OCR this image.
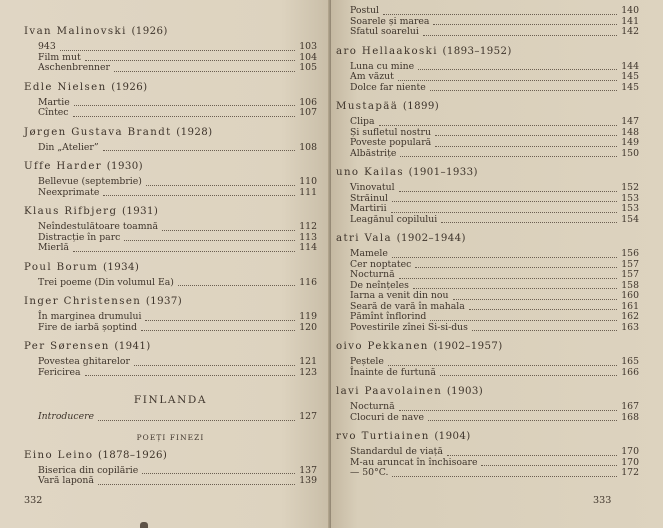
Ivan Malinovski (1926)
943	103
Film mut	104
Aschenbrenner	105
Edle Nielsen (1926)
Martie	106
Cîntec	107
Jørgen Gustava Brandt (1928)
Din „Atelier”	108
Uffe Harder (1930)
Bellevue (septembrie)	110
Neexprimate	111
Klaus Rifbjerg (1931)
Neîndestulătoare toamnă	112
Distracție în parc	113
Mierlă	114
Poul Borum (1934)
Trei poeme (Din volumul Ea)	116
Inger Christensen (1937)
În marginea drumului	119
Fire de iarbă șoptind	120
Per Sørensen (1941)
Povestea ghitarelor	121
Fericirea	123
FINLANDA
Introducere	127
POEȚI FINEZI
Eino Leino (1878–1926)
Biserica din copilărie	137
Vară laponă	139
332
Postul	140
Soarele și marea	141
Sfatul soarelui	142
aro Hellaakoski (1893–1952)
Luna cu mine	144
Am văzut	145
Dolce far niente	145
Mustapää (1899)
Clipa	147
Și sufletul nostru	148
Poveste populară	149
Albăstrițe	150
uno Kailas (1901–1933)
Vinovatul	152
Străinul	153
Martirii	153
Leagănul copilului	154
atri Vala (1902–1944)
Mamele	156
Cer noptatec	157
Nocturnă	157
De neînțeles	158
Iarna a venit din nou	160
Seară de vară în mahala	161
Pămînt înflorind	162
Povestirile zînei Si-si-dus	163
oivo Pekkanen (1902–1957)
Peștele	165
Înainte de furtună	166
lavi Paavolainen (1903)
Nocturnă	167
Clocuri de nave	168
rvo Turtiainen (1904)
Standardul de viață	170
M-au aruncat în închisoare	170
— 50°C.	172
333
